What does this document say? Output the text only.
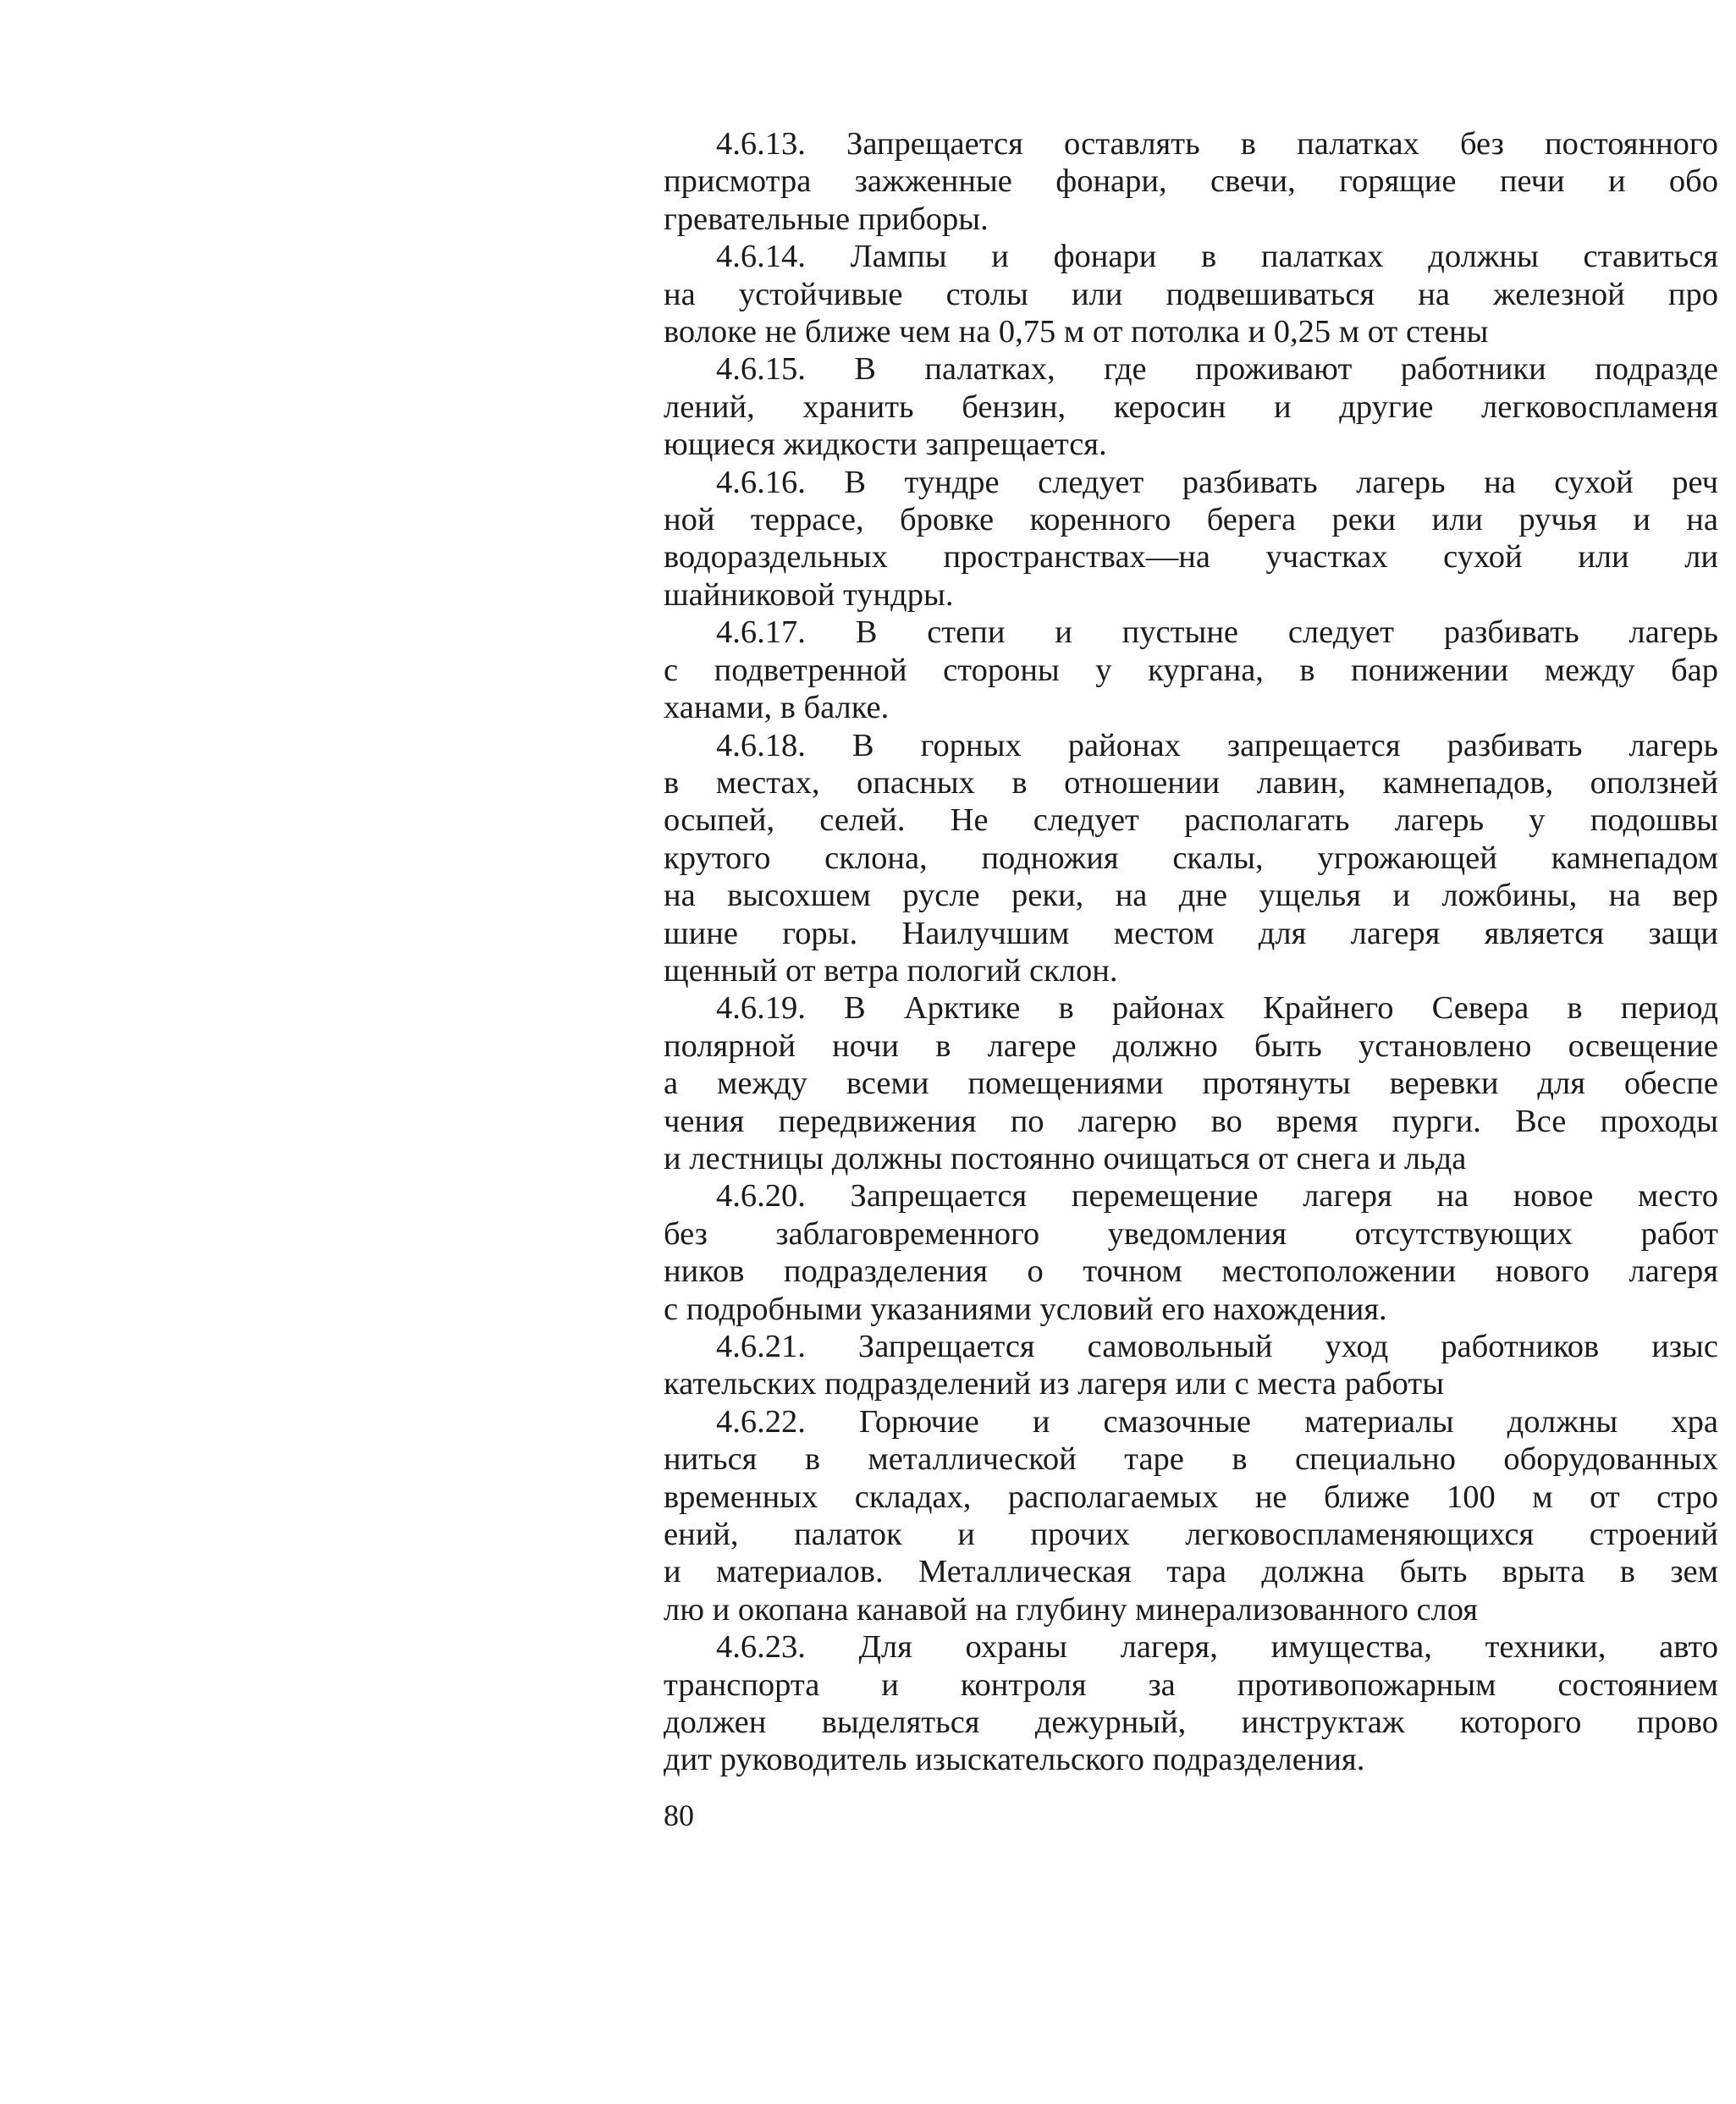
4.6.13. Запрещается оставлять в палатках без постоянного
присмотра зажженные фонари, свечи, горящие печи и обо
гревательные приборы.
4.6.14. Лампы и фонари в палатках должны ставиться
на устойчивые столы или подвешиваться на железной про
волоке не ближе чем на 0,75 м от потолка и 0,25 м от стены
4.6.15. В палатках, где проживают работники подразде
лений, хранить бензин, керосин и другие легковоспламеня
ющиеся жидкости запрещается.
4.6.16. В тундре следует разбивать лагерь на сухой реч
ной террасе, бровке коренного берега реки или ручья и на
водораздельных пространствах—на участках сухой или ли
шайниковой тундры.
4.6.17. В степи и пустыне следует разбивать лагерь
с подветренной стороны у кургана, в понижении между бар
ханами, в балке.
4.6.18. В горных районах запрещается разбивать лагерь
в местах, опасных в отношении лавин, камнепадов, оползней
осыпей, селей. Не следует располагать лагерь у подошвы
крутого склона, подножия скалы, угрожающей камнепадом
на высохшем русле реки, на дне ущелья и ложбины, на вер
шине горы. Наилучшим местом для лагеря является защи
щенный от ветра пологий склон.
4.6.19. В Арктике в районах Крайнего Севера в период
полярной ночи в лагере должно быть установлено освещение
а между всеми помещениями протянуты веревки для обеспе
чения передвижения по лагерю во время пурги. Все проходы
и лестницы должны постоянно очищаться от снега и льда
4.6.20. Запрещается перемещение лагеря на новое место
без заблаговременного уведомления отсутствующих работ
ников подразделения о точном местоположении нового лагеря
с подробными указаниями условий его нахождения.
4.6.21. Запрещается самовольный уход работников изыс
кательских подразделений из лагеря или с места работы
4.6.22. Горючие и смазочные материалы должны хра
ниться в металлической таре в специально оборудованных
временных складах, располагаемых не ближе 100 м от стро
ений, палаток и прочих легковоспламеняющихся строений
и материалов. Металлическая тара должна быть врыта в зем
лю и окопана канавой на глубину минерализованного слоя
4.6.23. Для охраны лагеря, имущества, техники, авто
транспорта и контроля за противопожарным состоянием
должен выделяться дежурный, инструктаж которого прово
дит руководитель изыскательского подразделения.
80
